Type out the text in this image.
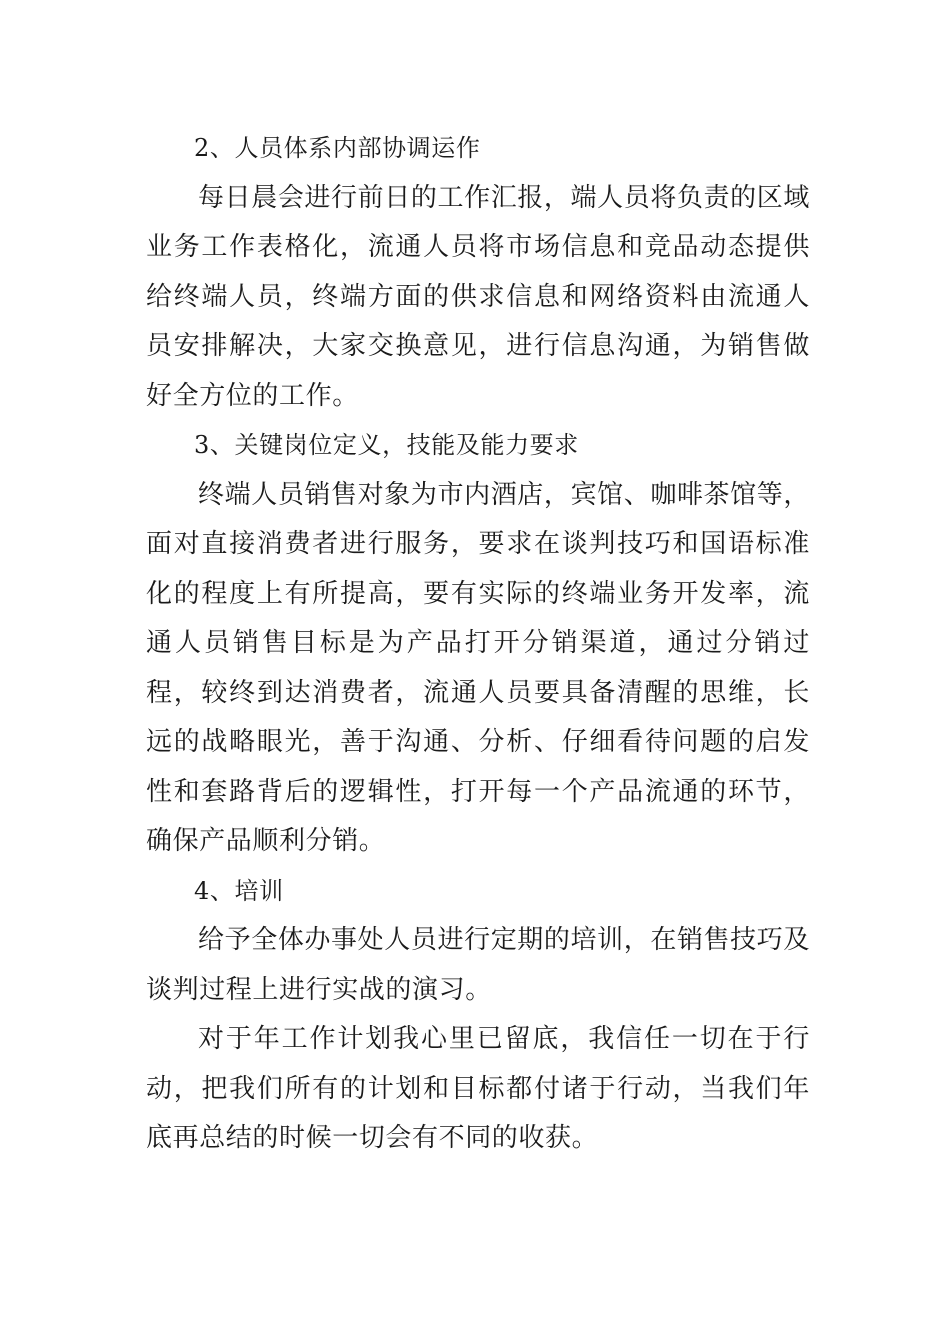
2、人员体系内部协调运作

每日晨会进行前日的工作汇报，端人员将负责的区域业务工作表格化，流通人员将市场信息和竞品动态提供给终端人员，终端方面的供求信息和网络资料由流通人员安排解决，大家交换意见，进行信息沟通，为销售做好全方位的工作。

3、关键岗位定义，技能及能力要求

终端人员销售对象为市内酒店，宾馆、咖啡茶馆等，面对直接消费者进行服务，要求在谈判技巧和国语标准化的程度上有所提高，要有实际的终端业务开发率，流通人员销售目标是为产品打开分销渠道，通过分销过程，较终到达消费者，流通人员要具备清醒的思维，长远的战略眼光，善于沟通、分析、仔细看待问题的启发性和套路背后的逻辑性，打开每一个产品流通的环节，确保产品顺利分销。

4、培训

给予全体办事处人员进行定期的培训，在销售技巧及谈判过程上进行实战的演习。

对于年工作计划我心里已留底，我信任一切在于行动，把我们所有的计划和目标都付诸于行动，当我们年底再总结的时候一切会有不同的收获。
